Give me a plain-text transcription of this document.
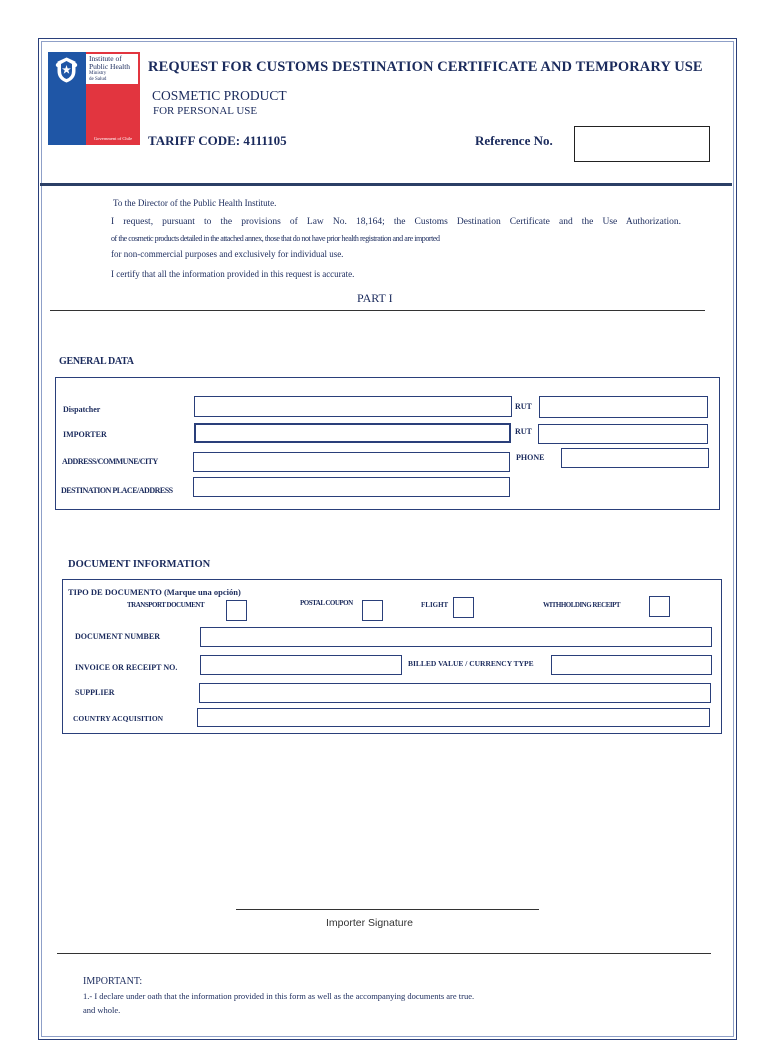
Institute of
Public Health
Ministry
de Salud
Government of Chile
REQUEST FOR CUSTOMS DESTINATION CERTIFICATE AND TEMPORARY USE
COSMETIC PRODUCT
FOR PERSONAL USE
TARIFF CODE: 4111105	Reference No.
To the Director of the Public Health Institute.
I request, pursuant to the provisions of Law No. 18,164; the Customs Destination Certificate and the Use Authorization.
of the cosmetic products detailed in the attached annex, those that do not have prior health registration and are imported
for non-commercial purposes and exclusively for individual use.
I certify that all the information provided in this request is accurate.
PART I
GENERAL DATA
Dispatcher	RUT
IMPORTER	RUT
ADDRESS/COMMUNE/CITY	PHONE
DESTINATION PLACE/ADDRESS
DOCUMENT INFORMATION
TIPO DE DOCUMENTO (Marque una opción)
TRANSPORT DOCUMENT	POSTAL COUPON	FLIGHT	WITHHOLDING RECEIPT
DOCUMENT NUMBER
INVOICE OR RECEIPT NO.	BILLED VALUE / CURRENCY TYPE
SUPPLIER
COUNTRY ACQUISITION
Importer Signature
IMPORTANT:
1.- I declare under oath that the information provided in this form as well as the accompanying documents are true.
and whole.
